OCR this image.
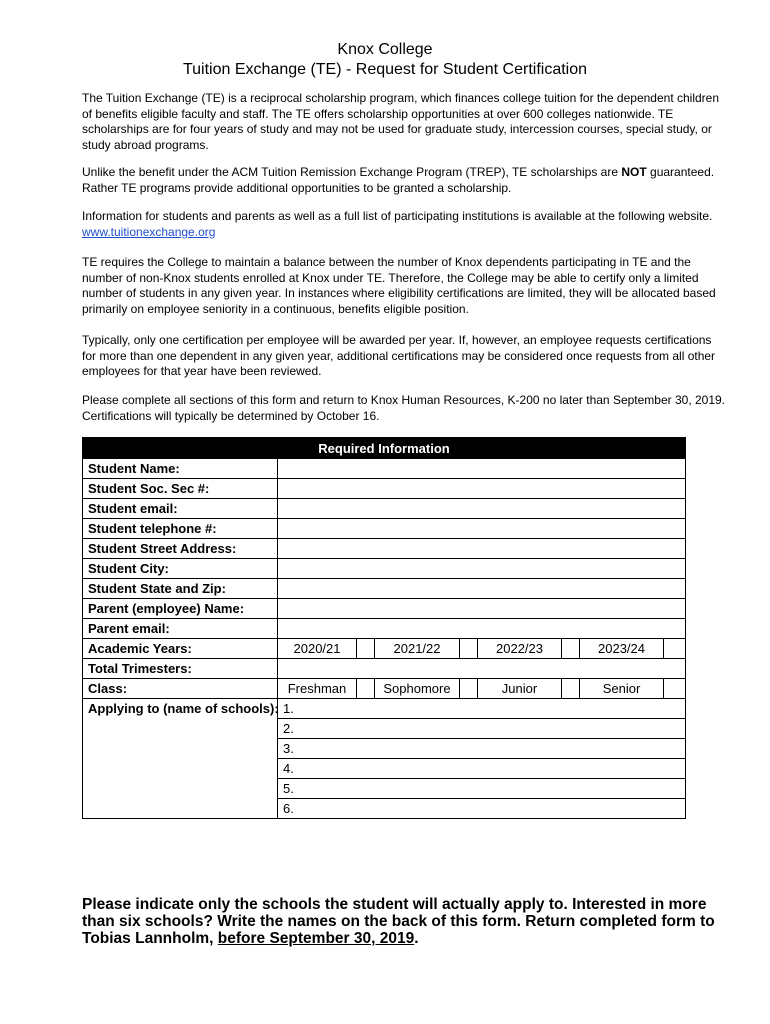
Knox College
Tuition Exchange (TE) - Request for Student Certification
The Tuition Exchange (TE) is a reciprocal scholarship program, which finances college tuition for the dependent children of benefits eligible faculty and staff. The TE offers scholarship opportunities at over 600 colleges nationwide. TE scholarships are for four years of study and may not be used for graduate study, intercession courses, special study, or study abroad programs.
Unlike the benefit under the ACM Tuition Remission Exchange Program (TREP), TE scholarships are NOT guaranteed. Rather TE programs provide additional opportunities to be granted a scholarship.
Information for students and parents as well as a full list of participating institutions is available at the following website. www.tuitionexchange.org
TE requires the College to maintain a balance between the number of Knox dependents participating in TE and the number of non-Knox students enrolled at Knox under TE. Therefore, the College may be able to certify only a limited number of students in any given year. In instances where eligibility certifications are limited, they will be allocated based primarily on employee seniority in a continuous, benefits eligible position.
Typically, only one certification per employee will be awarded per year. If, however, an employee requests certifications for more than one dependent in any given year, additional certifications may be considered once requests from all other employees for that year have been reviewed.
Please complete all sections of this form and return to Knox Human Resources, K-200 no later than September 30, 2019. Certifications will typically be determined by October 16.
Required Information								
Student Name:								
Student Soc. Sec #:								
Student email:								
Student telephone #:								
Student Street Address:								
Student City:								
Student State and Zip:								
Parent (employee) Name:								
Parent email:								
Academic Years:	2020/21		2021/22		2022/23		2023/24	
Total Trimesters:								
Class:	Freshman		Sophomore		Junior		Senior	
Applying to (name of schools):	1.							
	2.							
	3.							
	4.							
	5.							
	6.							
Please indicate only the schools the student will actually apply to. Interested in more than six schools? Write the names on the back of this form. Return completed form to Tobias Lannholm, before September 30, 2019.
